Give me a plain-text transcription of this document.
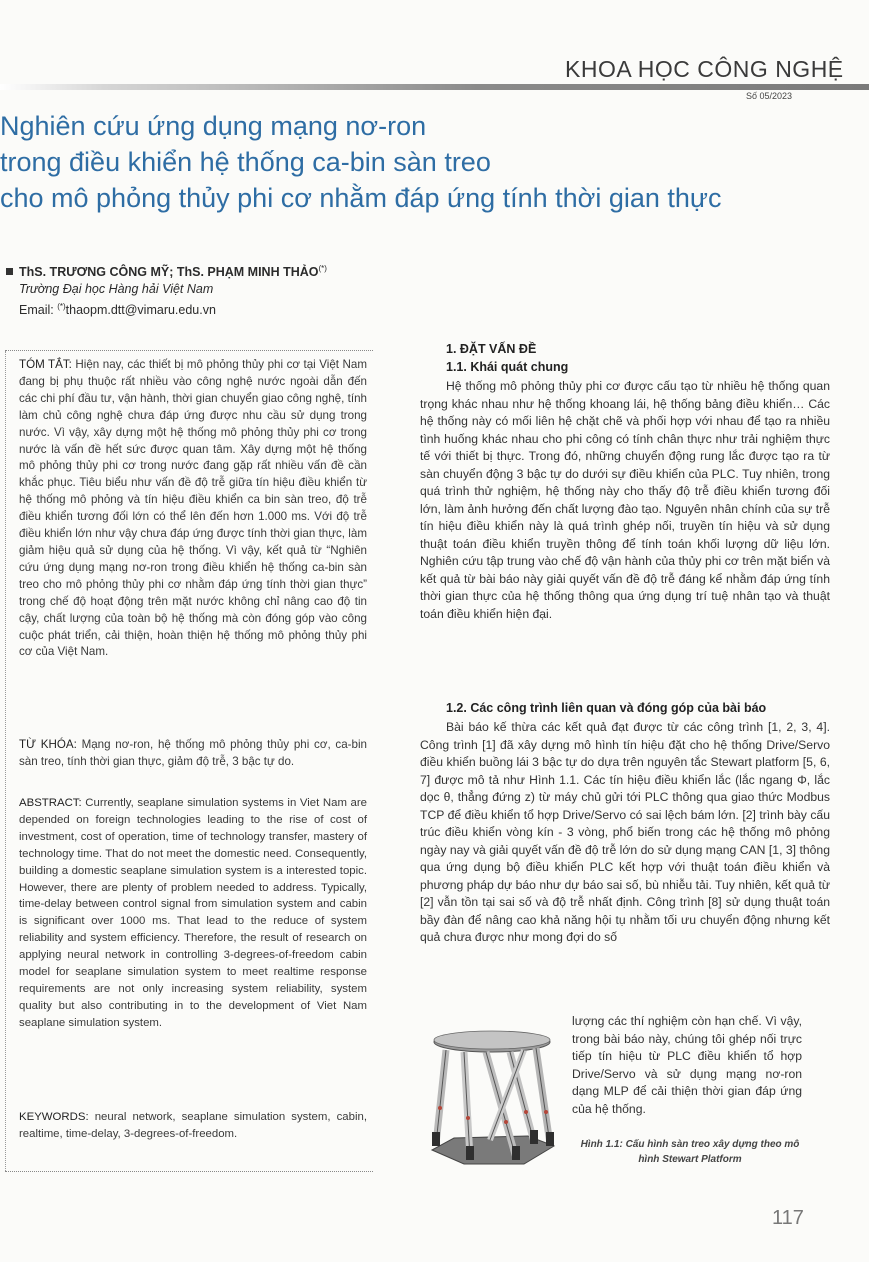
KHOA HỌC CÔNG NGHỆ
Số 05/2023
Nghiên cứu ứng dụng mạng nơ-ron
trong điều khiển hệ thống ca-bin sàn treo
cho mô phỏng thủy phi cơ nhằm đáp ứng tính thời gian thực
ThS. TRƯƠNG CÔNG MỸ; ThS. PHẠM MINH THẢO(*)
Trường Đại học Hàng hải Việt Nam
Email: (*)thaopm.dtt@vimaru.edu.vn
TÓM TẮT: Hiện nay, các thiết bị mô phỏng thủy phi cơ tại Việt Nam đang bị phụ thuộc rất nhiều vào công nghệ nước ngoài dẫn đến các chi phí đầu tư, vận hành, thời gian chuyển giao công nghệ, tính làm chủ công nghệ chưa đáp ứng được nhu cầu sử dụng trong nước. Vì vậy, xây dựng một hệ thống mô phỏng thủy phi cơ trong nước là vấn đề hết sức được quan tâm. Xây dựng một hệ thống mô phỏng thủy phi cơ trong nước đang gặp rất nhiều vấn đề cần khắc phục. Tiêu biểu như vấn đề độ trễ giữa tín hiệu điều khiển từ hệ thống mô phỏng và tín hiệu điều khiển ca bin sàn treo, độ trễ điều khiển tương đối lớn có thể lên đến hơn 1.000 ms. Với độ trễ điều khiển lớn như vậy chưa đáp ứng được tính thời gian thực, làm giảm hiệu quả sử dụng của hệ thống. Vì vậy, kết quả từ “Nghiên cứu ứng dụng mạng nơ-ron trong điều khiển hệ thống ca-bin sàn treo cho mô phỏng thủy phi cơ nhằm đáp ứng tính thời gian thực” trong chế độ hoạt động trên mặt nước không chỉ nâng cao độ tin cậy, chất lượng của toàn bộ hệ thống mà còn đóng góp vào công cuộc phát triển, cải thiện, hoàn thiện hệ thống mô phỏng thủy phi cơ của Việt Nam.
TỪ KHÓA: Mạng nơ-ron, hệ thống mô phỏng thủy phi cơ, ca-bin sàn treo, tính thời gian thực, giảm độ trễ, 3 bậc tự do.
ABSTRACT: Currently, seaplane simulation systems in Viet Nam are depended on foreign technologies leading to the rise of cost of investment, cost of operation, time of technology transfer, mastery of technology time. That do not meet the domestic need. Consequently, building a domestic seaplane simulation system is a interested topic. However, there are plenty of problem needed to address. Typically, time-delay between control signal from simulation system and cabin is significant over 1000 ms. That lead to the reduce of system reliability and system efficiency. Therefore, the result of research on applying neural network in controlling 3-degrees-of-freedom cabin model for seaplane simulation system to meet realtime response requirements are not only increasing system reliability, system quality but also contributing in to the development of Viet Nam seaplane simulation system.
KEYWORDS: neural network, seaplane simulation system, cabin, realtime, time-delay, 3-degrees-of-freedom.
1. ĐẶT VẤN ĐỀ
1.1. Khái quát chung
Hệ thống mô phỏng thủy phi cơ được cấu tạo từ nhiều hệ thống quan trọng khác nhau như hệ thống khoang lái, hệ thống bảng điều khiển… Các hệ thống này có mối liên hệ chặt chẽ và phối hợp với nhau để tạo ra nhiều tình huống khác nhau cho phi công có tính chân thực như trải nghiệm thực tế với thiết bị thực. Trong đó, những chuyển động rung lắc được tạo ra từ sàn chuyển động 3 bậc tự do dưới sự điều khiển của PLC. Tuy nhiên, trong quá trình thử nghiệm, hệ thống này cho thấy độ trễ điều khiển tương đối lớn, làm ảnh hưởng đến chất lượng đào tạo. Nguyên nhân chính của sự trễ tín hiệu điều khiển này là quá trình ghép nối, truyền tín hiệu và sử dụng thuật toán điều khiển truyền thông để tính toán khối lượng dữ liệu lớn. Nghiên cứu tập trung vào chế độ vận hành của thủy phi cơ trên mặt biển và kết quả từ bài báo này giải quyết vấn đề độ trễ đáng kể nhằm đáp ứng tính thời gian thực của hệ thống thông qua ứng dụng trí tuệ nhân tạo và thuật toán điều khiển hiện đại.
1.2. Các công trình liên quan và đóng góp của bài báo
Bài báo kế thừa các kết quả đạt được từ các công trình [1, 2, 3, 4]. Công trình [1] đã xây dựng mô hình tín hiệu đặt cho hệ thống Drive/Servo điều khiển buồng lái 3 bậc tự do dựa trên nguyên tắc Stewart platform [5, 6, 7] được mô tả như Hình 1.1. Các tín hiệu điều khiển lắc (lắc ngang Φ, lắc dọc θ, thẳng đứng z) từ máy chủ gửi tới PLC thông qua giao thức Modbus TCP để điều khiển tổ hợp Drive/Servo có sai lệch bám lớn. [2] trình bày cấu trúc điều khiển vòng kín - 3 vòng, phổ biến trong các hệ thống mô phỏng ngày nay và giải quyết vấn đề độ trễ lớn do sử dụng mạng CAN [1, 3] thông qua ứng dụng bộ điều khiển PLC kết hợp với thuật toán điều khiển và phương pháp dự báo như dự báo sai số, bù nhiễu tải. Tuy nhiên, kết quả từ [2] vẫn tồn tại sai số và độ trễ nhất định. Công trình [8] sử dụng thuật toán bầy đàn để nâng cao khả năng hội tụ nhằm tối ưu chuyển động nhưng kết quả chưa được như mong đợi do số
lượng các thí nghiệm còn hạn chế. Vì vậy, trong bài báo này, chúng tôi ghép nối trực tiếp tín hiệu từ PLC điều khiển tổ hợp Drive/Servo và sử dụng mạng nơ-ron dạng MLP để cải thiện thời gian đáp ứng của hệ thống.
Hình 1.1: Cấu hình sàn treo xây dựng theo mô hình Stewart Platform
117
